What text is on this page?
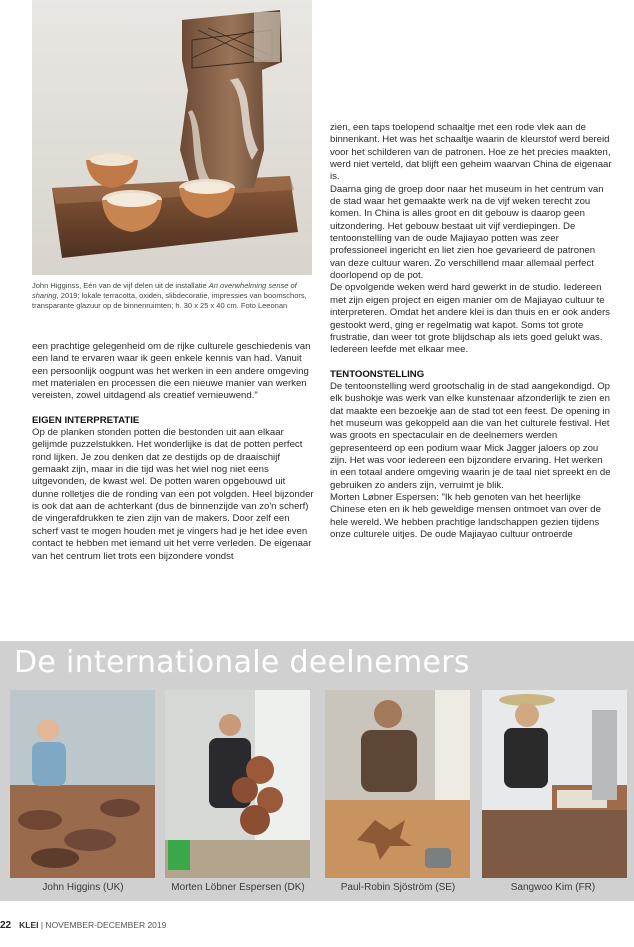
John Higginss, Eén van de vijf delen uit de installatie An overwhelming sense of sharing, 2019; lokale terracotta, oxiden, slibdecoratie, impressies van boomschors, transparante glazuur op de binnenruimten; h. 30 x 25 x 40 cm. Foto Leeonan

een prachtige gelegenheid om de rijke culturele geschiedenis van een land te ervaren waar ik geen enkele kennis van had. Vanuit een persoonlijk oogpunt was het werken in een andere omgeving met materialen en processen die een nieuwe manier van werken vereisten, zowel uitdagend als creatief vernieuwend."

EIGEN INTERPRETATIE

Op de planken stonden potten die bestonden uit aan elkaar gelijmde puzzelstukken. Het wonderlijke is dat de potten perfect rond lijken. Je zou denken dat ze destijds op de draaischijf gemaakt zijn, maar in die tijd was het wiel nog niet eens uitgevonden, de kwast wel. De potten waren opgebouwd uit dunne rolletjes die de ronding van een pot volgden. Heel bijzonder is ook dat aan de achterkant (dus de binnenzijde van zo'n scherf) de vingerafdrukken te zien zijn van de makers. Door zelf een scherf vast te mogen houden met je vingers had je het idee even contact te hebben met iemand uit het verre verleden. De eigenaar van het centrum liet trots een bijzondere vondst

zien, een taps toelopend schaaltje met een rode vlek aan de binnenkant. Het was het schaaltje waarin de kleurstof werd bereid voor het schilderen van de patronen. Hoe ze het precies maakten, werd niet verteld, dat blijft een geheim waarvan China de eigenaar is.

Daarna ging de groep door naar het museum in het centrum van de stad waar het gemaakte werk na de vijf weken terecht zou komen. In China is alles groot en dit gebouw is daarop geen uitzondering. Het gebouw bestaat uit vijf verdiepingen. De tentoonstelling van de oude Majiayao potten was zeer professioneel ingericht en liet zien hoe gevarieerd de patronen van deze cultuur waren. Zo verschillend maar allemaal perfect doorlopend op de pot.

De opvolgende weken werd hard gewerkt in de studio. Iedereen met zijn eigen project en eigen manier om de Majiayao cultuur te interpreteren. Omdat het andere klei is dan thuis en er ook anders gestookt werd, ging er regelmatig wat kapot. Soms tot grote frustratie, dan weer tot grote blijdschap als iets goed gelukt was. Iedereen leefde met elkaar mee.

TENTOONSTELLING

De tentoonstelling werd grootschalig in de stad aangekondigd. Op elk bushokje was werk van elke kunstenaar afzonderlijk te zien en dat maakte een bezoekje aan de stad tot een feest. De opening in het museum was gekoppeld aan die van het culturele festival. Het was groots en spectaculair en de deelnemers werden gepresenteerd op een podium waar Mick Jagger jaloers op zou zijn. Het was voor iedereen een bijzondere ervaring. Het werken in een totaal andere omgeving waarin je de taal niet spreekt en de gebruiken zo anders zijn, verruimt je blik.

Morten Løbner Espersen: "Ik heb genoten van het heerlijke Chinese eten en ik heb geweldige mensen ontmoet van over de hele wereld. We hebben prachtige landschappen gezien tijdens onze culturele uitjes. De oude Majiayao cultuur ontroerde

De internationale deelnemers
John Higgins (UK)	Morten Löbner Espersen (DK)	Paul-Robin Sjöström (SE)	Sangwoo Kim (FR)
22 KLEI | NOVEMBER-DECEMBER 2019
